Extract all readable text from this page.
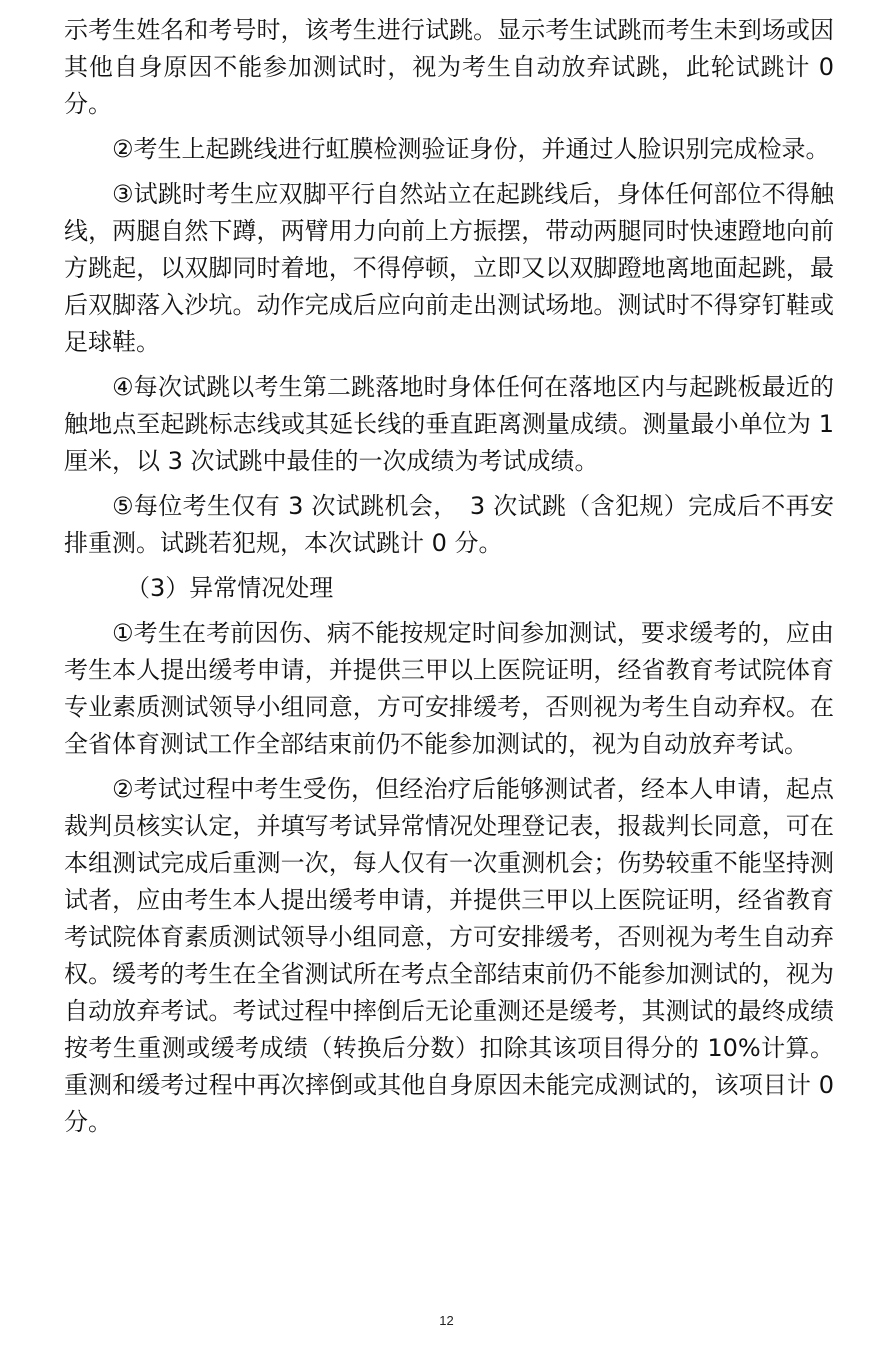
示考生姓名和考号时，该考生进行试跳。显示考生试跳而考生未到场或因其他自身原因不能参加测试时，视为考生自动放弃试跳，此轮试跳计 0 分。

②考生上起跳线进行虹膜检测验证身份，并通过人脸识别完成检录。

③试跳时考生应双脚平行自然站立在起跳线后，身体任何部位不得触线，两腿自然下蹲，两臂用力向前上方振摆，带动两腿同时快速蹬地向前方跳起，以双脚同时着地，不得停顿，立即又以双脚蹬地离地面起跳，最后双脚落入沙坑。动作完成后应向前走出测试场地。测试时不得穿钉鞋或足球鞋。

④每次试跳以考生第二跳落地时身体任何在落地区内与起跳板最近的触地点至起跳标志线或其延长线的垂直距离测量成绩。测量最小单位为 1 厘米，以 3 次试跳中最佳的一次成绩为考试成绩。

⑤每位考生仅有 3 次试跳机会，　3 次试跳（含犯规）完成后不再安排重测。试跳若犯规，本次试跳计 0 分。

（3）异常情况处理

①考生在考前因伤、病不能按规定时间参加测试，要求缓考的，应由考生本人提出缓考申请，并提供三甲以上医院证明，经省教育考试院体育专业素质测试领导小组同意，方可安排缓考，否则视为考生自动弃权。在全省体育测试工作全部结束前仍不能参加测试的，视为自动放弃考试。

②考试过程中考生受伤，但经治疗后能够测试者，经本人申请，起点裁判员核实认定，并填写考试异常情况处理登记表，报裁判长同意，可在本组测试完成后重测一次，每人仅有一次重测机会；伤势较重不能坚持测试者，应由考生本人提出缓考申请，并提供三甲以上医院证明，经省教育考试院体育素质测试领导小组同意，方可安排缓考，否则视为考生自动弃权。缓考的考生在全省测试所在考点全部结束前仍不能参加测试的，视为自动放弃考试。考试过程中摔倒后无论重测还是缓考，其测试的最终成绩按考生重测或缓考成绩（转换后分数）扣除其该项目得分的 10%计算。重测和缓考过程中再次摔倒或其他自身原因未能完成测试的，该项目计 0 分。

12
